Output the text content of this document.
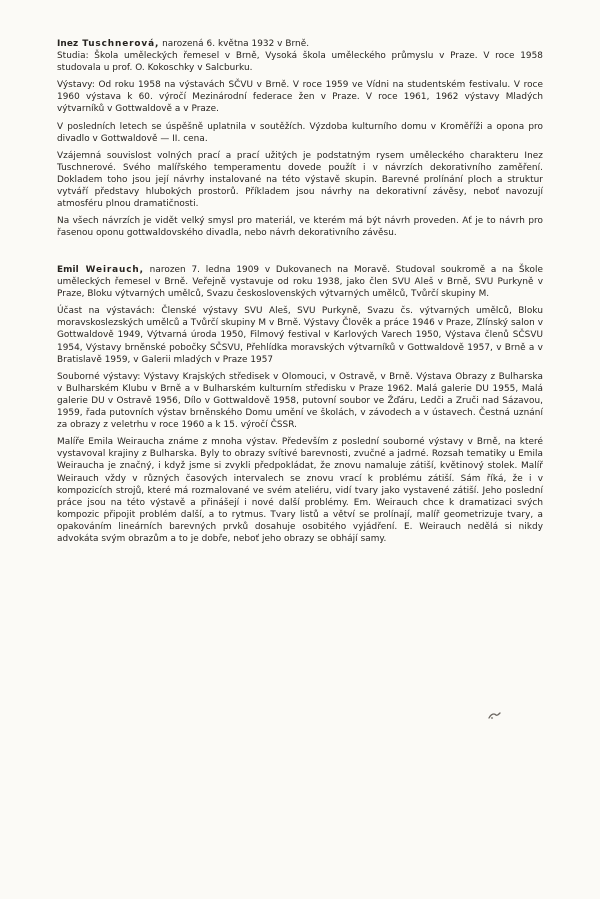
Inez Tuschnerová, narozená 6. května 1932 v Brně.

Studia: Škola uměleckých řemesel v Brně, Vysoká škola uměleckého průmyslu v Praze. V roce 1958 studovala u prof. O. Kokoschky v Salcburku.

Výstavy: Od roku 1958 na výstavách SČVU v Brně. V roce 1959 ve Vídni na studentském festivalu. V roce 1960 výstava k 60. výročí Mezinárodní federace žen v Praze. V roce 1961, 1962 výstavy Mladých výtvarníků v Gottwaldově a v Praze.

V posledních letech se úspěšně uplatnila v soutěžích. Výzdoba kulturního domu v Kroměříži a opona pro divadlo v Gottwaldově — II. cena.

Vzájemná souvislost volných prací a prací užitých je podstatným rysem uměleckého charakteru Inez Tuschnerové. Svého malířského temperamentu dovede použít i v návrzích dekorativního zaměření. Dokladem toho jsou její návrhy instalované na této výstavě skupin. Barevné prolínání ploch a struktur vytváří představy hlubokých prostorů. Příkladem jsou návrhy na dekorativní závěsy, neboť navozují atmosféru plnou dramatičnosti.

Na všech návrzích je vidět velký smysl pro materiál, ve kterém má být návrh proveden. Ať je to návrh pro řasenou oponu gottwaldovského divadla, nebo návrh dekorativního závěsu.

Emil Weirauch, narozen 7. ledna 1909 v Dukovanech na Moravě. Studoval soukromě a na Škole uměleckých řemesel v Brně. Veřejně vystavuje od roku 1938, jako člen SVU Aleš v Brně, SVU Purkyně v Praze, Bloku výtvarných umělců, Svazu československých výtvarných umělců, Tvůrčí skupiny M.

Účast na výstavách: Členské výstavy SVU Aleš, SVU Purkyně, Svazu čs. výtvarných umělců, Bloku moravskoslezských umělců a Tvůrčí skupiny M v Brně. Výstavy Člověk a práce 1946 v Praze, Zlínský salon v Gottwaldově 1949, Výtvarná úroda 1950, Filmový festival v Karlových Varech 1950, Výstava členů SČSVU 1954, Výstavy brněnské pobočky SČSVU, Přehlídka moravských výtvarníků v Gottwaldově 1957, v Brně a v Bratislavě 1959, v Galerii mladých v Praze 1957

Souborné výstavy: Výstavy Krajských středisek v Olomouci, v Ostravě, v Brně. Výstava Obrazy z Bulharska v Bulharském Klubu v Brně a v Bulharském kulturním středisku v Praze 1962. Malá galerie DU 1955, Malá galerie DU v Ostravě 1956, Dílo v Gottwaldově 1958, putovní soubor ve Žďáru, Ledči a Zruči nad Sázavou, 1959, řada putovních výstav brněnského Domu umění ve školách, v závodech a v ústavech. Čestná uznání za obrazy z veletrhu v roce 1960 a k 15. výročí ČSSR.

Malíře Emila Weiraucha známe z mnoha výstav. Především z poslední souborné výstavy v Brně, na které vystavoval krajiny z Bulharska. Byly to obrazy svítivé barevnosti, zvučné a jadrné. Rozsah tematiky u Emila Weiraucha je značný, i když jsme si zvykli předpokládat, že znovu namaluje zátiší, květinový stolek. Malíř Weirauch vždy v různých časových intervalech se znovu vrací k problému zátiší. Sám říká, že i v kompozicích strojů, které má rozmalované ve svém ateliéru, vidí tvary jako vystavené zátiší. Jeho poslední práce jsou na této výstavě a přinášejí i nové další problémy. Em. Weirauch chce k dramatizaci svých kompozic připojit problém další, a to rytmus. Tvary listů a větví se prolínají, malíř geometrizuje tvary, a opakováním lineárních barevných prvků dosahuje osobitého vyjádření. E. Weirauch nedělá si nikdy advokáta svým obrazům a to je dobře, neboť jeho obrazy se obhájí samy.
